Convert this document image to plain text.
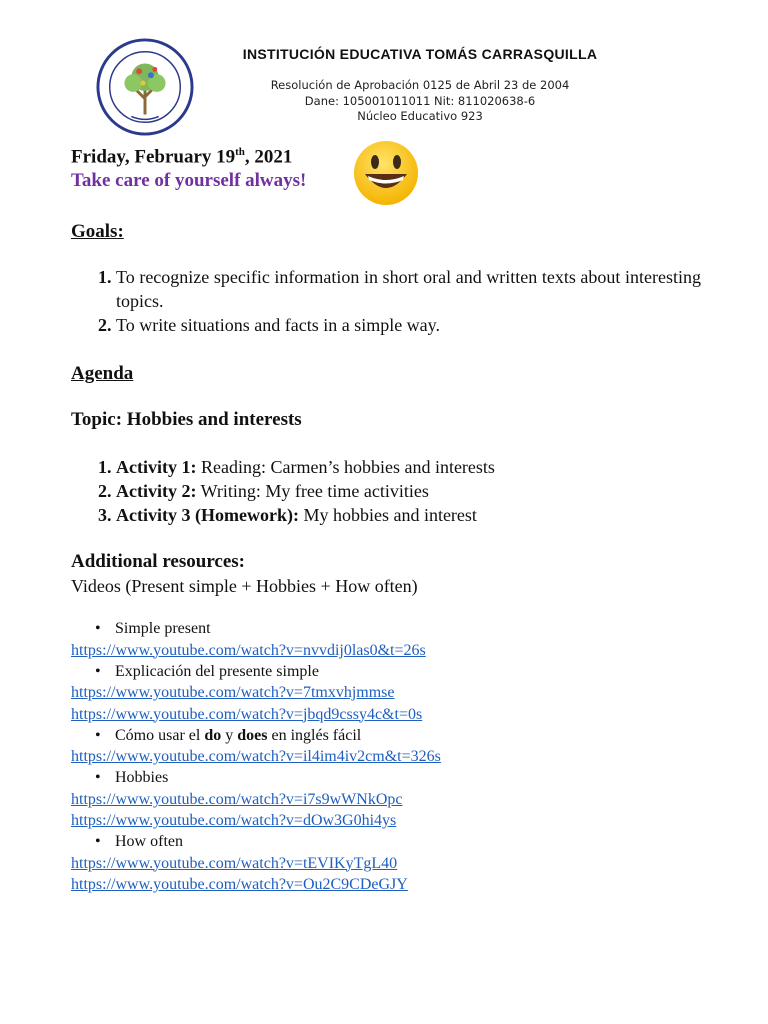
INSTITUCIÓN EDUCATIVA TOMÁS CARRASQUILLA
Resolución de Aprobación 0125 de Abril 23 de 2004
Dane: 105001011011 Nit: 811020638-6
Núcleo Educativo 923

Friday, February 19th, 2021

Take care of yourself always!

Goals:

1. To recognize specific information in short oral and written texts about interesting topics.
2. To write situations and facts in a simple way.

Agenda

Topic: Hobbies and interests

1. Activity 1: Reading: Carmen’s hobbies and interests
2. Activity 2: Writing: My free time activities
3. Activity 3 (Homework): My hobbies and interest

Additional resources:

Videos (Present simple + Hobbies + How often)

• Simple present
https://www.youtube.com/watch?v=nvvdij0las0&t=26s
• Explicación del presente simple
https://www.youtube.com/watch?v=7tmxvhjmmse
https://www.youtube.com/watch?v=jbqd9cssy4c&t=0s
• Cómo usar el do y does en inglés fácil
https://www.youtube.com/watch?v=il4im4iv2cm&t=326s
• Hobbies
https://www.youtube.com/watch?v=i7s9wWNkOpc
https://www.youtube.com/watch?v=dOw3G0hi4ys
• How often
https://www.youtube.com/watch?v=tEVIKyTgL40
https://www.youtube.com/watch?v=Ou2C9CDeGJY
